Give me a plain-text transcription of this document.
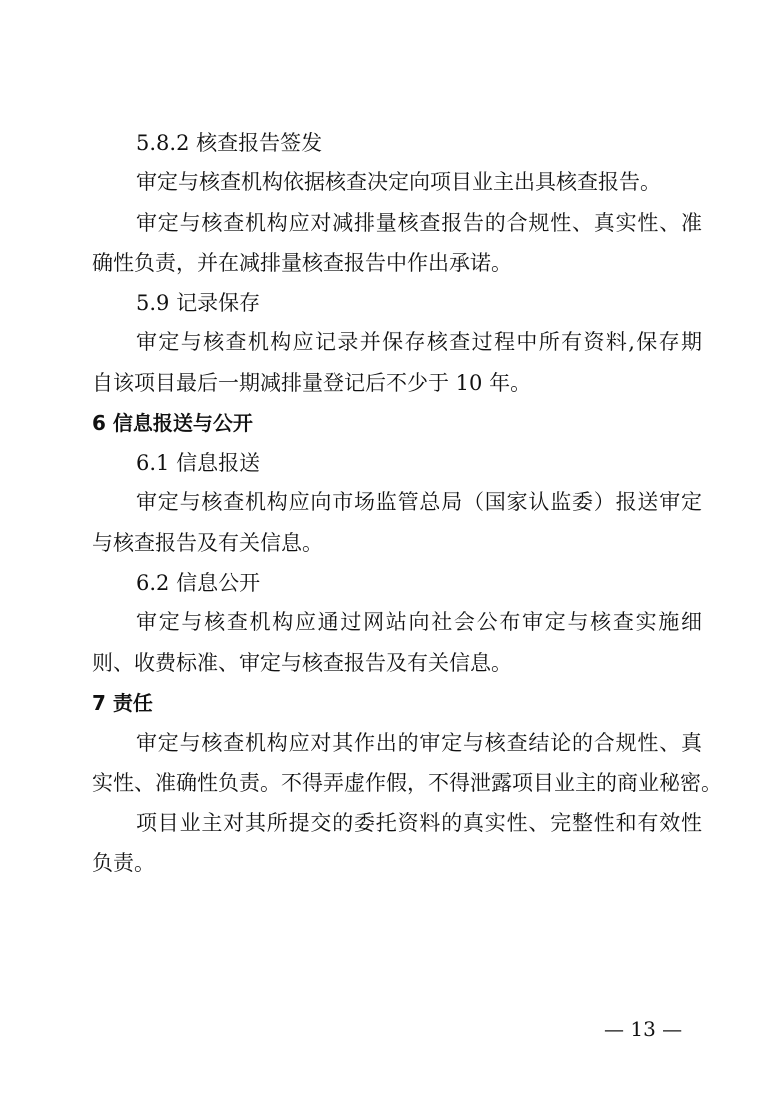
5.8.2 核查报告签发
审定与核查机构依据核查决定向项目业主出具核查报告。
审定与核查机构应对减排量核查报告的合规性、真实性、准
确性负责，并在减排量核查报告中作出承诺。
5.9 记录保存
审定与核查机构应记录并保存核查过程中所有资料,保存期
自该项目最后一期减排量登记后不少于 10 年。
6 信息报送与公开
6.1 信息报送
审定与核查机构应向市场监管总局（国家认监委）报送审定
与核查报告及有关信息。
6.2 信息公开
审定与核查机构应通过网站向社会公布审定与核查实施细
则、收费标准、审定与核查报告及有关信息。
7 责任
审定与核查机构应对其作出的审定与核查结论的合规性、真
实性、准确性负责。不得弄虚作假，不得泄露项目业主的商业秘密。
项目业主对其所提交的委托资料的真实性、完整性和有效性
负责。
— 13 —
